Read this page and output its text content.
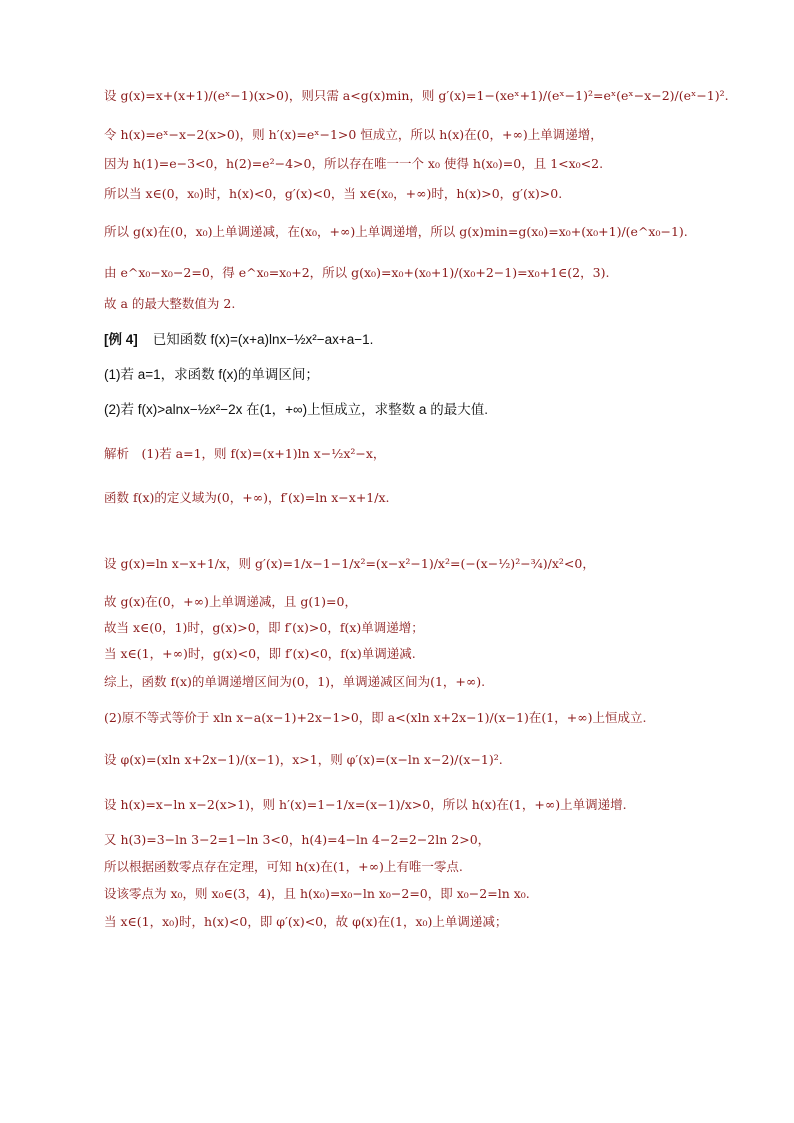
设 g(x)=x+(x+1)/(eˣ−1)(x>0)，则只需 a<g(x)min，则 g′(x)=1−(xeˣ+1)/(eˣ−1)²=eˣ(eˣ−x−2)/(eˣ−1)².
令 h(x)=eˣ−x−2(x>0)，则 h′(x)=eˣ−1>0 恒成立，所以 h(x)在(0，+∞)上单调递增，
因为 h(1)=e−3<0，h(2)=e²−4>0，所以存在唯一一个 x₀ 使得 h(x₀)=0，且 1<x₀<2.
所以当 x∈(0，x₀)时，h(x)<0，g′(x)<0，当 x∈(x₀，+∞)时，h(x)>0，g′(x)>0.
所以 g(x)在(0，x₀)上单调递减，在(x₀，+∞)上单调递增，所以 g(x)min=g(x₀)=x₀+(x₀+1)/(e^x₀−1).
由 e^x₀−x₀−2=0，得 e^x₀=x₀+2，所以 g(x₀)=x₀+(x₀+1)/(x₀+2−1)=x₀+1∈(2，3).
故 a 的最大整数值为 2.
[例 4] 已知函数 f(x)=(x+a)lnx−½x²−ax+a−1.
(1)若 a=1，求函数 f(x)的单调区间；
(2)若 f(x)>alnx−½x²−2x 在(1，+∞)上恒成立，求整数 a 的最大值.
解析　(1)若 a=1，则 f(x)=(x+1)ln x−½x²−x，
函数 f(x)的定义域为(0，+∞)，f′(x)=ln x−x+1/x.
设 g(x)=ln x−x+1/x，则 g′(x)=1/x−1−1/x²=(x−x²−1)/x²=(−(x−½)²−¾)/x²<0，
故 g(x)在(0，+∞)上单调递减，且 g(1)=0，
故当 x∈(0，1)时，g(x)>0，即 f′(x)>0，f(x)单调递增；
当 x∈(1，+∞)时，g(x)<0，即 f′(x)<0，f(x)单调递减.
综上，函数 f(x)的单调递增区间为(0，1)，单调递减区间为(1，+∞).
(2)原不等式等价于 xln x−a(x−1)+2x−1>0，即 a<(xln x+2x−1)/(x−1)在(1，+∞)上恒成立.
设 φ(x)=(xln x+2x−1)/(x−1)，x>1，则 φ′(x)=(x−ln x−2)/(x−1)².
设 h(x)=x−ln x−2(x>1)，则 h′(x)=1−1/x=(x−1)/x>0，所以 h(x)在(1，+∞)上单调递增.
又 h(3)=3−ln 3−2=1−ln 3<0，h(4)=4−ln 4−2=2−2ln 2>0，
所以根据函数零点存在定理，可知 h(x)在(1，+∞)上有唯一零点.
设该零点为 x₀，则 x₀∈(3，4)，且 h(x₀)=x₀−ln x₀−2=0，即 x₀−2=ln x₀.
当 x∈(1，x₀)时，h(x)<0，即 φ′(x)<0，故 φ(x)在(1，x₀)上单调递减；
